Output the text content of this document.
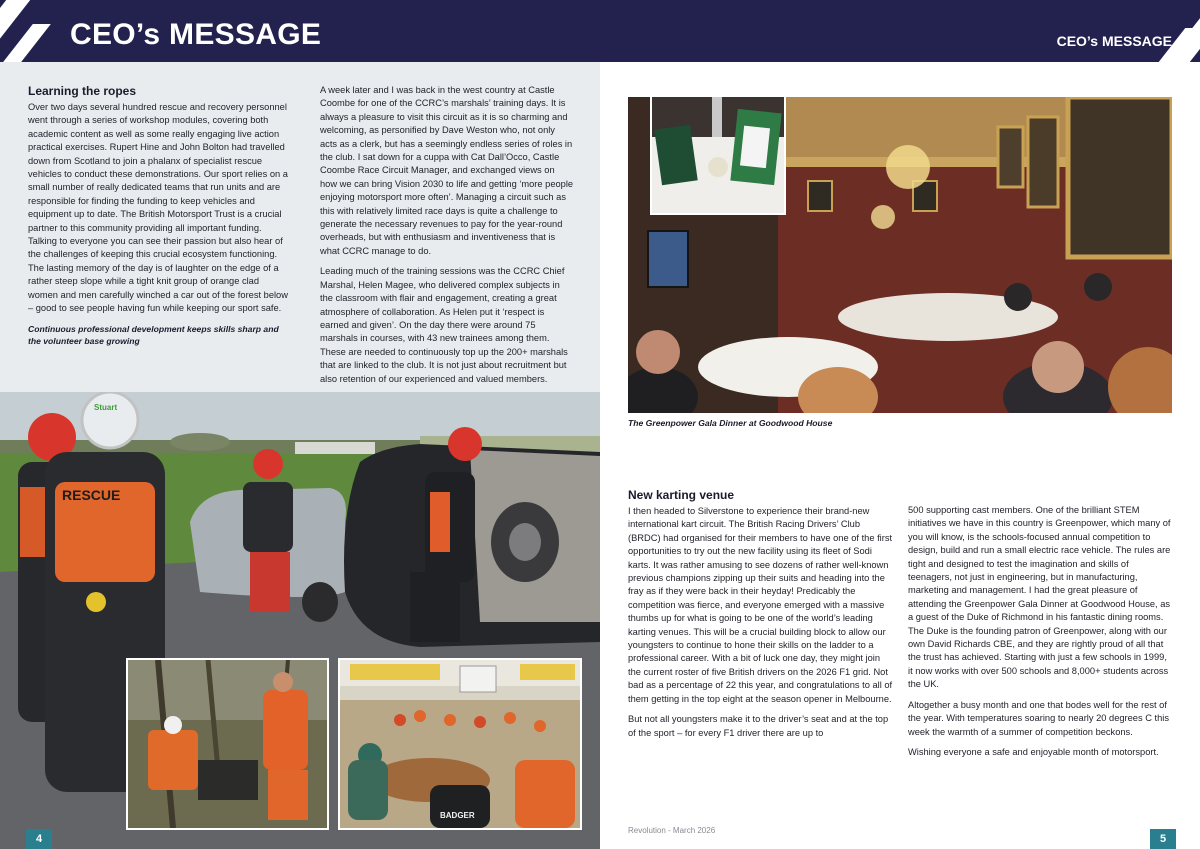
CEO’s MESSAGE	CEO’s MESSAGE
Learning the ropes

Over two days several hundred rescue and recovery personnel went through a series of workshop modules, covering both academic content as well as some really engaging live action practical exercises. Rupert Hine and John Bolton had travelled down from Scotland to join a phalanx of specialist rescue vehicles to conduct these demonstrations. Our sport relies on a small number of really dedicated teams that run units and are responsible for finding the funding to keep vehicles and equipment up to date. The British Motorsport Trust is a crucial partner to this community providing all important funding. Talking to everyone you can see their passion but also hear of the challenges of keeping this crucial ecosystem functioning. The lasting memory of the day is of laughter on the edge of a rather steep slope while a tight knit group of orange clad women and men carefully winched a car out of the forest below – good to see people having fun while keeping our sport safe.

Continuous professional development keeps skills sharp and the volunteer base growing

A week later and I was back in the west country at Castle Coombe for one of the CCRC’s marshals’ training days. It is always a pleasure to visit this circuit as it is so charming and welcoming, as personified by Dave Weston who, not only acts as a clerk, but has a seemingly endless series of roles in the club. I sat down for a cuppa with Cat Dall’Occo, Castle Coombe Race Circuit Manager, and exchanged views on how we can bring Vision 2030 to life and getting ‘more people enjoying motorsport more often’. Managing a circuit such as this with relatively limited race days is quite a challenge to generate the necessary revenues to pay for the year-round overheads, but with enthusiasm and inventiveness that is what CCRC manage to do.

Leading much of the training sessions was the CCRC Chief Marshal, Helen Magee, who delivered complex subjects in the classroom with flair and engagement, creating a great atmosphere of collaboration. As Helen put it ‘respect is earned and given’. On the day there were around 75 marshals in courses, with 43 new trainees among them. These are needed to continuously top up the 200+ marshals that are linked to the club. It is not just about recruitment but also retention of our experienced and valued members.

RESCUE
Stuart
BADGER
4
The Greenpower Gala Dinner at Goodwood House
New karting venue

I then headed to Silverstone to experience their brand-new international kart circuit. The British Racing Drivers’ Club (BRDC) had organised for their members to have one of the first opportunities to try out the new facility using its fleet of Sodi karts. It was rather amusing to see dozens of rather well-known previous champions zipping up their suits and heading into the fray as if they were back in their heyday! Predicably the competition was fierce, and everyone emerged with a massive thumbs up for what is going to be one of the world’s leading karting venues. This will be a crucial building block to allow our youngsters to continue to hone their skills on the ladder to a professional career. With a bit of luck one day, they might join the current roster of five British drivers on the 2026 F1 grid. Not bad as a percentage of 22 this year, and congratulations to all of them getting in the top eight at the season opener in Melbourne.

But not all youngsters make it to the driver’s seat and at the top of the sport – for every F1 driver there are up to

500 supporting cast members. One of the brilliant STEM initiatives we have in this country is Greenpower, which many of you will know, is the schools-focused annual competition to design, build and run a small electric race vehicle. The rules are tight and designed to test the imagination and skills of teenagers, not just in engineering, but in manufacturing, marketing and management. I had the great pleasure of attending the Greenpower Gala Dinner at Goodwood House, as a guest of the Duke of Richmond in his fantastic dining rooms. The Duke is the founding patron of Greenpower, along with our own David Richards CBE, and they are rightly proud of all that the trust has achieved. Starting with just a few schools in 1999, it now works with over 500 schools and 8,000+ students across the UK.

Altogether a busy month and one that bodes well for the rest of the year. With temperatures soaring to nearly 20 degrees C this week the warmth of a summer of competition beckons.

Wishing everyone a safe and enjoyable month of motorsport.

Revolution - March 2026
5
